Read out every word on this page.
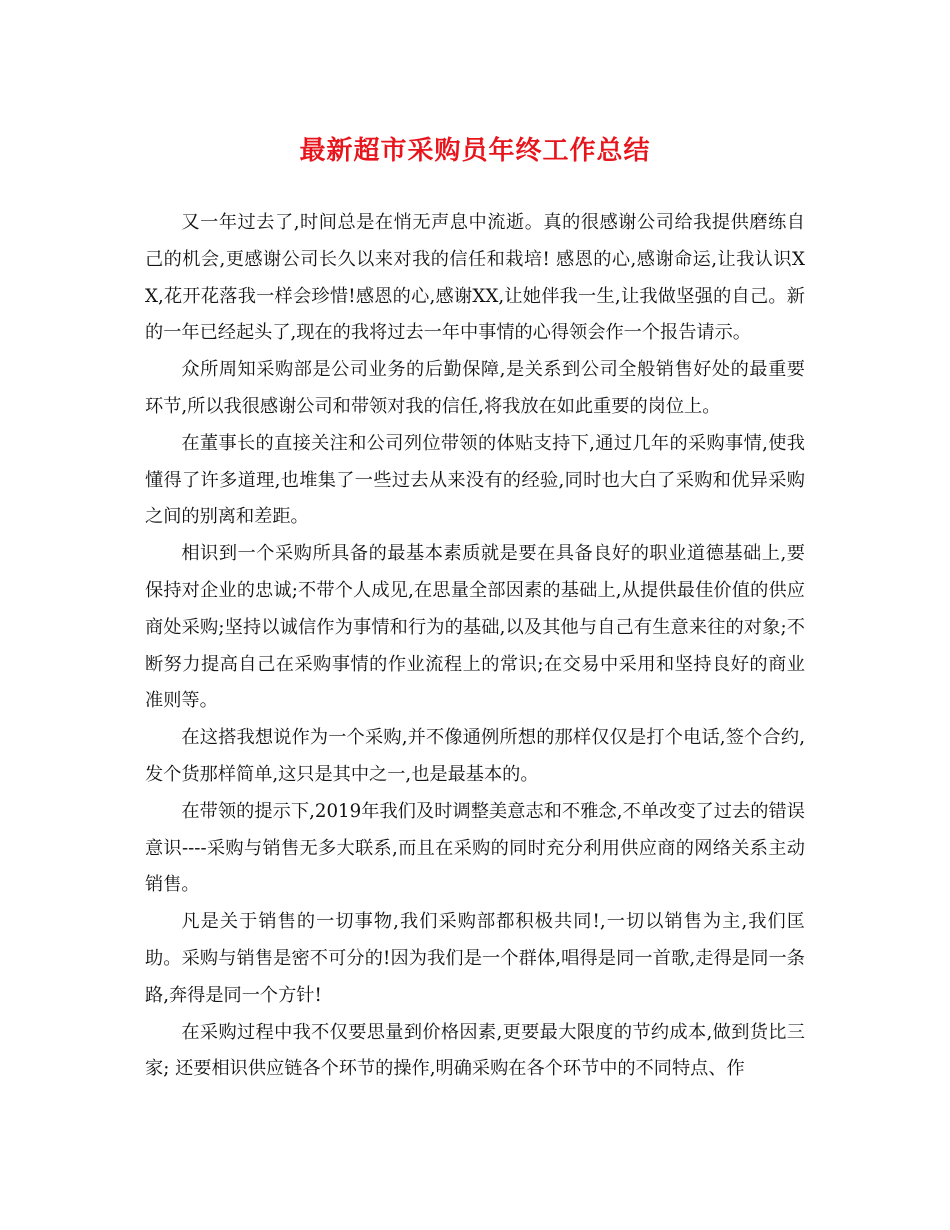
最新超市采购员年终工作总结

又一年过去了,时间总是在悄无声息中流逝。真的很感谢公司给我提供磨练自己的机会,更感谢公司长久以来对我的信任和栽培! 感恩的心,感谢命运,让我认识XX,花开花落我一样会珍惜!感恩的心,感谢XX,让她伴我一生,让我做坚强的自己。新的一年已经起头了,现在的我将过去一年中事情的心得领会作一个报告请示。

众所周知采购部是公司业务的后勤保障,是关系到公司全般销售好处的最重要环节,所以我很感谢公司和带领对我的信任,将我放在如此重要的岗位上。

在董事长的直接关注和公司列位带领的体贴支持下,通过几年的采购事情,使我懂得了许多道理,也堆集了一些过去从来没有的经验,同时也大白了采购和优异采购之间的别离和差距。

相识到一个采购所具备的最基本素质就是要在具备良好的职业道德基础上,要保持对企业的忠诚;不带个人成见,在思量全部因素的基础上,从提供最佳价值的供应商处采购;坚持以诚信作为事情和行为的基础,以及其他与自己有生意来往的对象;不断努力提高自己在采购事情的作业流程上的常识;在交易中采用和坚持良好的商业准则等。

在这搭我想说作为一个采购,并不像通例所想的那样仅仅是打个电话,签个合约,发个货那样简单,这只是其中之一,也是最基本的。

在带领的提示下,2019年我们及时调整美意志和不雅念,不单改变了过去的错误意识----采购与销售无多大联系,而且在采购的同时充分利用供应商的网络关系主动销售。

凡是关于销售的一切事物,我们采购部都积极共同!,一切以销售为主,我们匡助。采购与销售是密不可分的!因为我们是一个群体,唱得是同一首歌,走得是同一条路,奔得是同一个方针!

在采购过程中我不仅要思量到价格因素,更要最大限度的节约成本,做到货比三家; 还要相识供应链各个环节的操作,明确采购在各个环节中的不同特点、作
